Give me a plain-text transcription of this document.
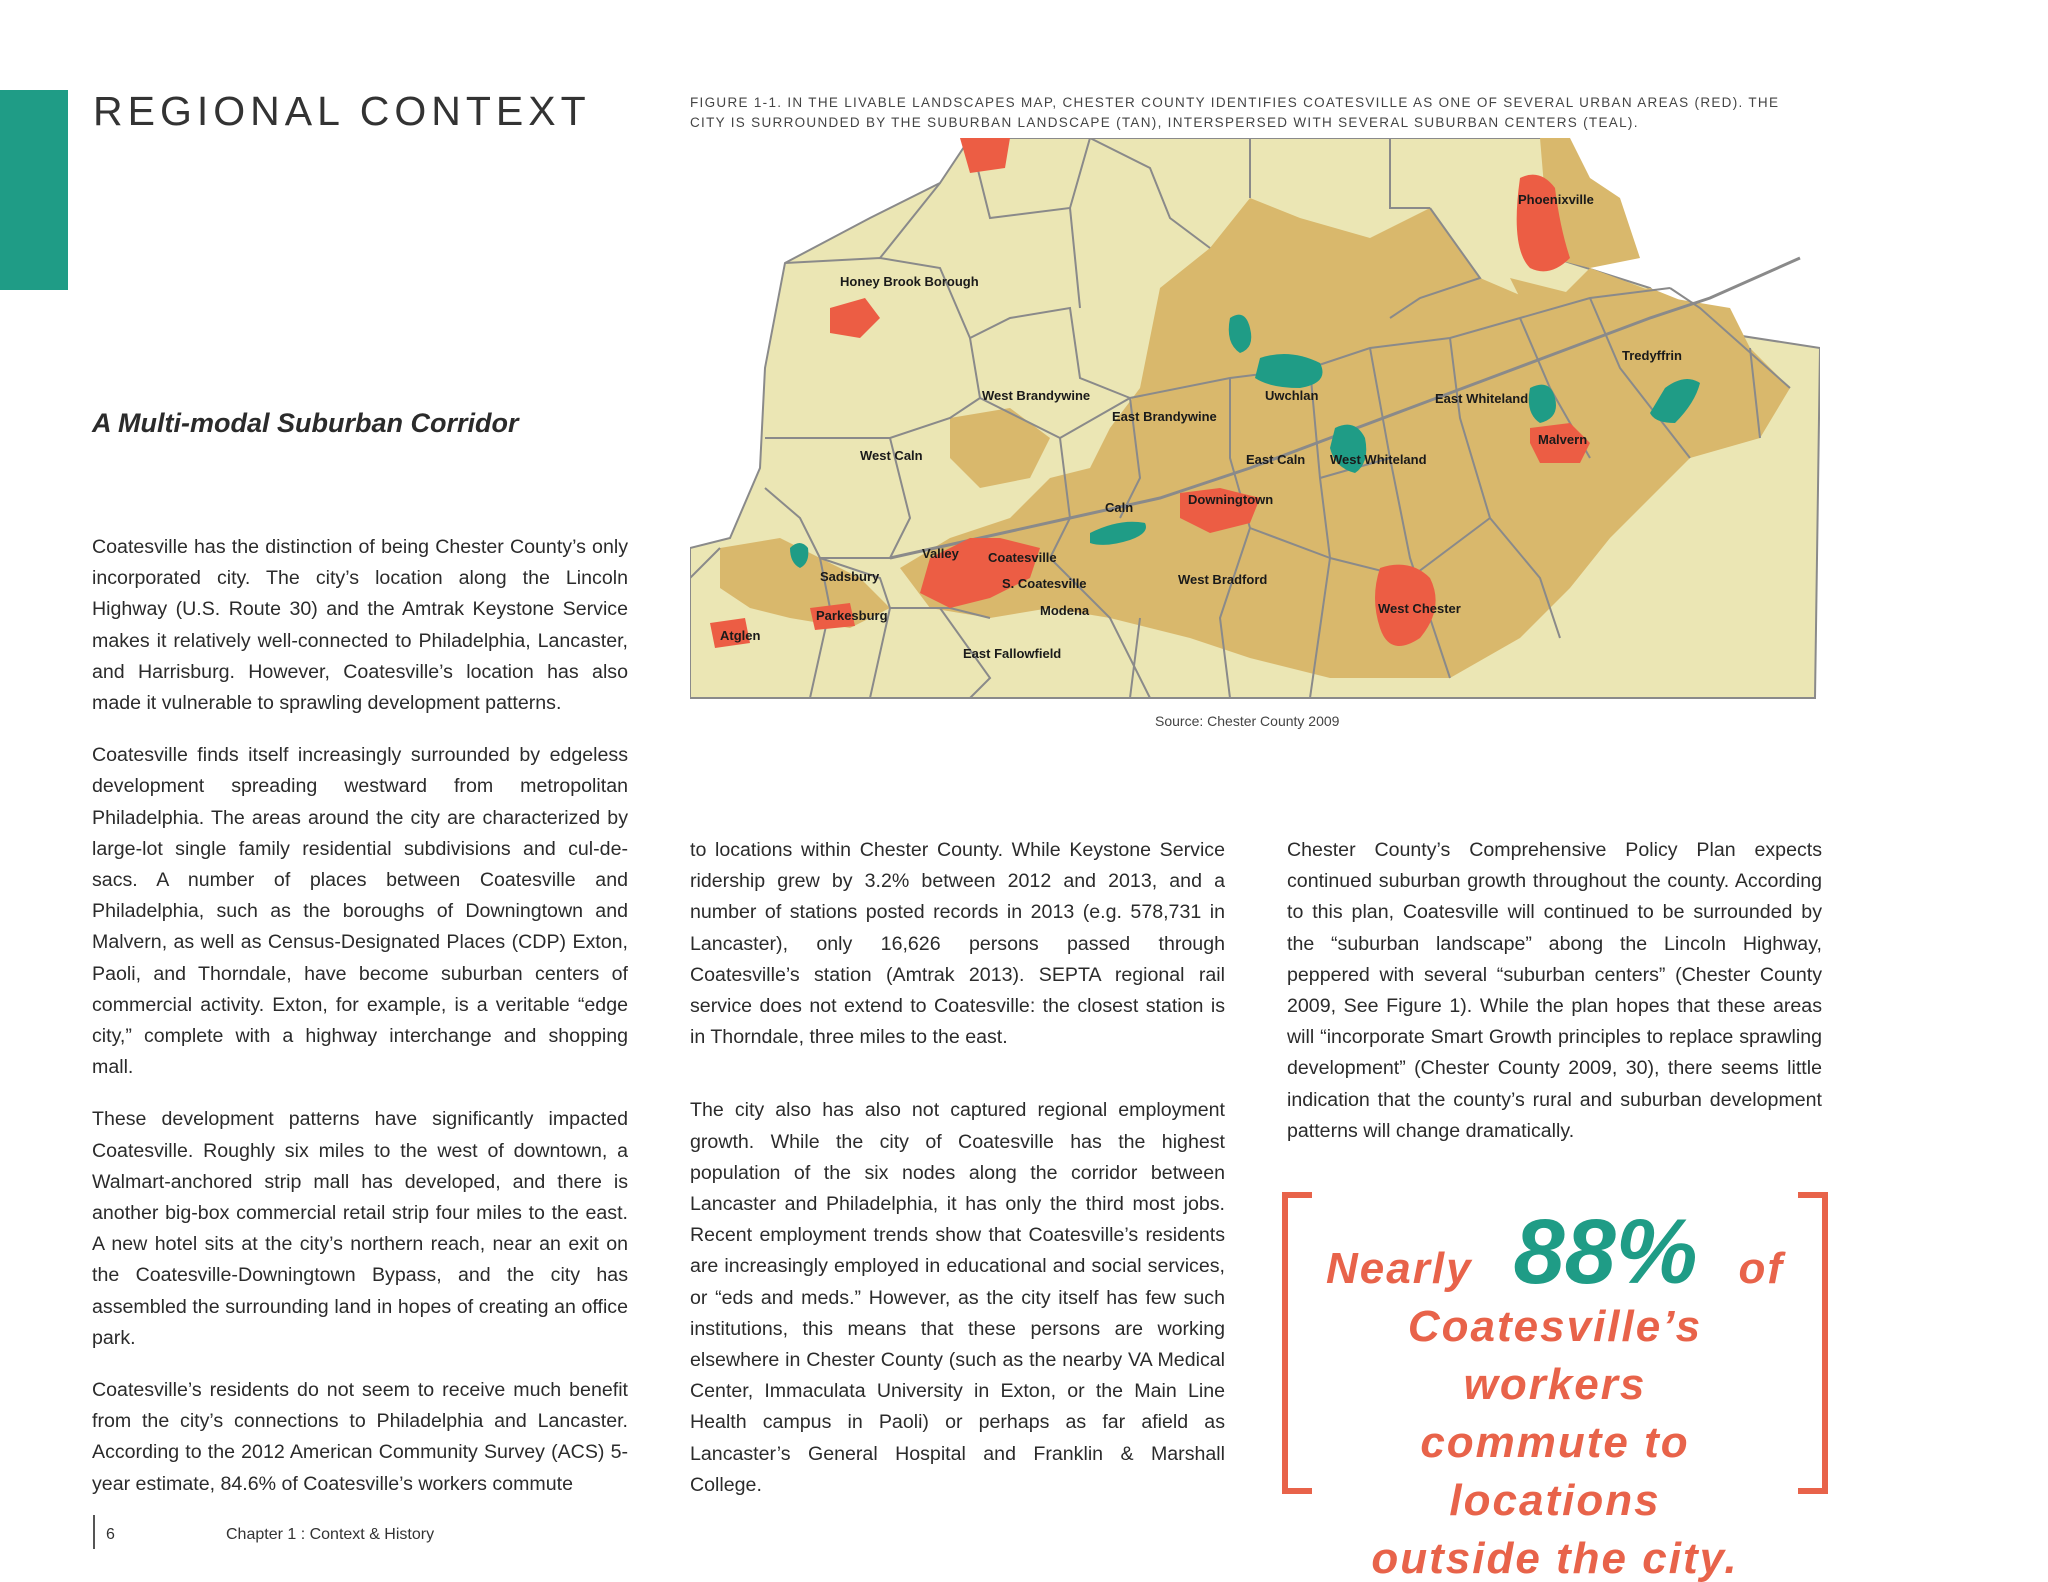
REGIONAL CONTEXT	FIGURE 1-1. IN THE LIVABLE LANDSCAPES MAP, CHESTER COUNTY IDENTIFIES COATESVILLE AS ONE OF SEVERAL URBAN AREAS (RED). THE CITY IS SURROUNDED BY THE SUBURBAN LANDSCAPE (TAN), INTERSPERSED WITH SEVERAL SUBURBAN CENTERS (TEAL).
Honey Brook Borough
Phoenixville
Tredyffrin
Uwchlan	East Whiteland
West Brandywine
East Brandywine
Malvern
West Caln	East Caln West Whiteland
Downingtown
Caln
Valley Coatesville
Sadsbury	S. Coatesville	West Bradford
Modena	West Chester
Parkesburg
Atglen
East Fallowfield
Source: Chester County 2009
A Multi-modal Suburban Corridor

Coatesville has the distinction of being Chester County’s only incorporated city. The city’s location along the Lincoln Highway (U.S. Route 30) and the Amtrak Keystone Service makes it relatively well-connected to Philadelphia, Lancaster, and Harrisburg. However, Coatesville’s location has also made it vulnerable to sprawling development patterns.

Coatesville finds itself increasingly surrounded by edgeless development spreading westward from metropolitan Philadelphia. The areas around the city are characterized by large-lot single family residential subdivisions and cul-de-sacs. A number of places between Coatesville and Philadelphia, such as the boroughs of Downingtown and Malvern, as well as Census-Designated Places (CDP) Exton, Paoli, and Thorndale, have become suburban centers of commercial activity. Exton, for example, is a veritable “edge city,” complete with a highway interchange and shopping mall.

These development patterns have significantly impacted Coatesville. Roughly six miles to the west of downtown, a Walmart-anchored strip mall has developed, and there is another big-box commercial retail strip four miles to the east. A new hotel sits at the city’s northern reach, near an exit on the Coatesville-Downingtown Bypass, and the city has assembled the surrounding land in hopes of creating an office park.

Coatesville’s residents do not seem to receive much benefit from the city’s connections to Philadelphia and Lancaster. According to the 2012 American Community Survey (ACS) 5-year estimate, 84.6% of Coatesville’s workers commute

to locations within Chester County. While Keystone Service ridership grew by 3.2% between 2012 and 2013, and a number of stations posted records in 2013 (e.g. 578,731 in Lancaster), only 16,626 persons passed through Coatesville’s station (Amtrak 2013). SEPTA regional rail service does not extend to Coatesville: the closest station is in Thorndale, three miles to the east.

The city also has also not captured regional employment growth. While the city of Coatesville has the highest population of the six nodes along the corridor between Lancaster and Philadelphia, it has only the third most jobs. Recent employment trends show that Coatesville’s residents are increasingly employed in educational and social services, or “eds and meds.” However, as the city itself has few such institutions, this means that these persons are working elsewhere in Chester County (such as the nearby VA Medical Center, Immaculata University in Exton, or the Main Line Health campus in Paoli) or perhaps as far afield as Lancaster’s General Hospital and Franklin & Marshall College.

Chester County’s Comprehensive Policy Plan expects continued suburban growth throughout the county. According to this plan, Coatesville will continued to be surrounded by the “suburban landscape” abong the Lincoln Highway, peppered with several “suburban centers” (Chester County 2009, See Figure 1). While the plan hopes that these areas will “incorporate Smart Growth principles to replace sprawling development” (Chester County 2009, 30), there seems little indication that the county’s rural and suburban development patterns will change dramatically.

Nearly 88% of
Coatesville’s workers
commute to locations
outside the city.
6	Chapter 1 : Context & History
